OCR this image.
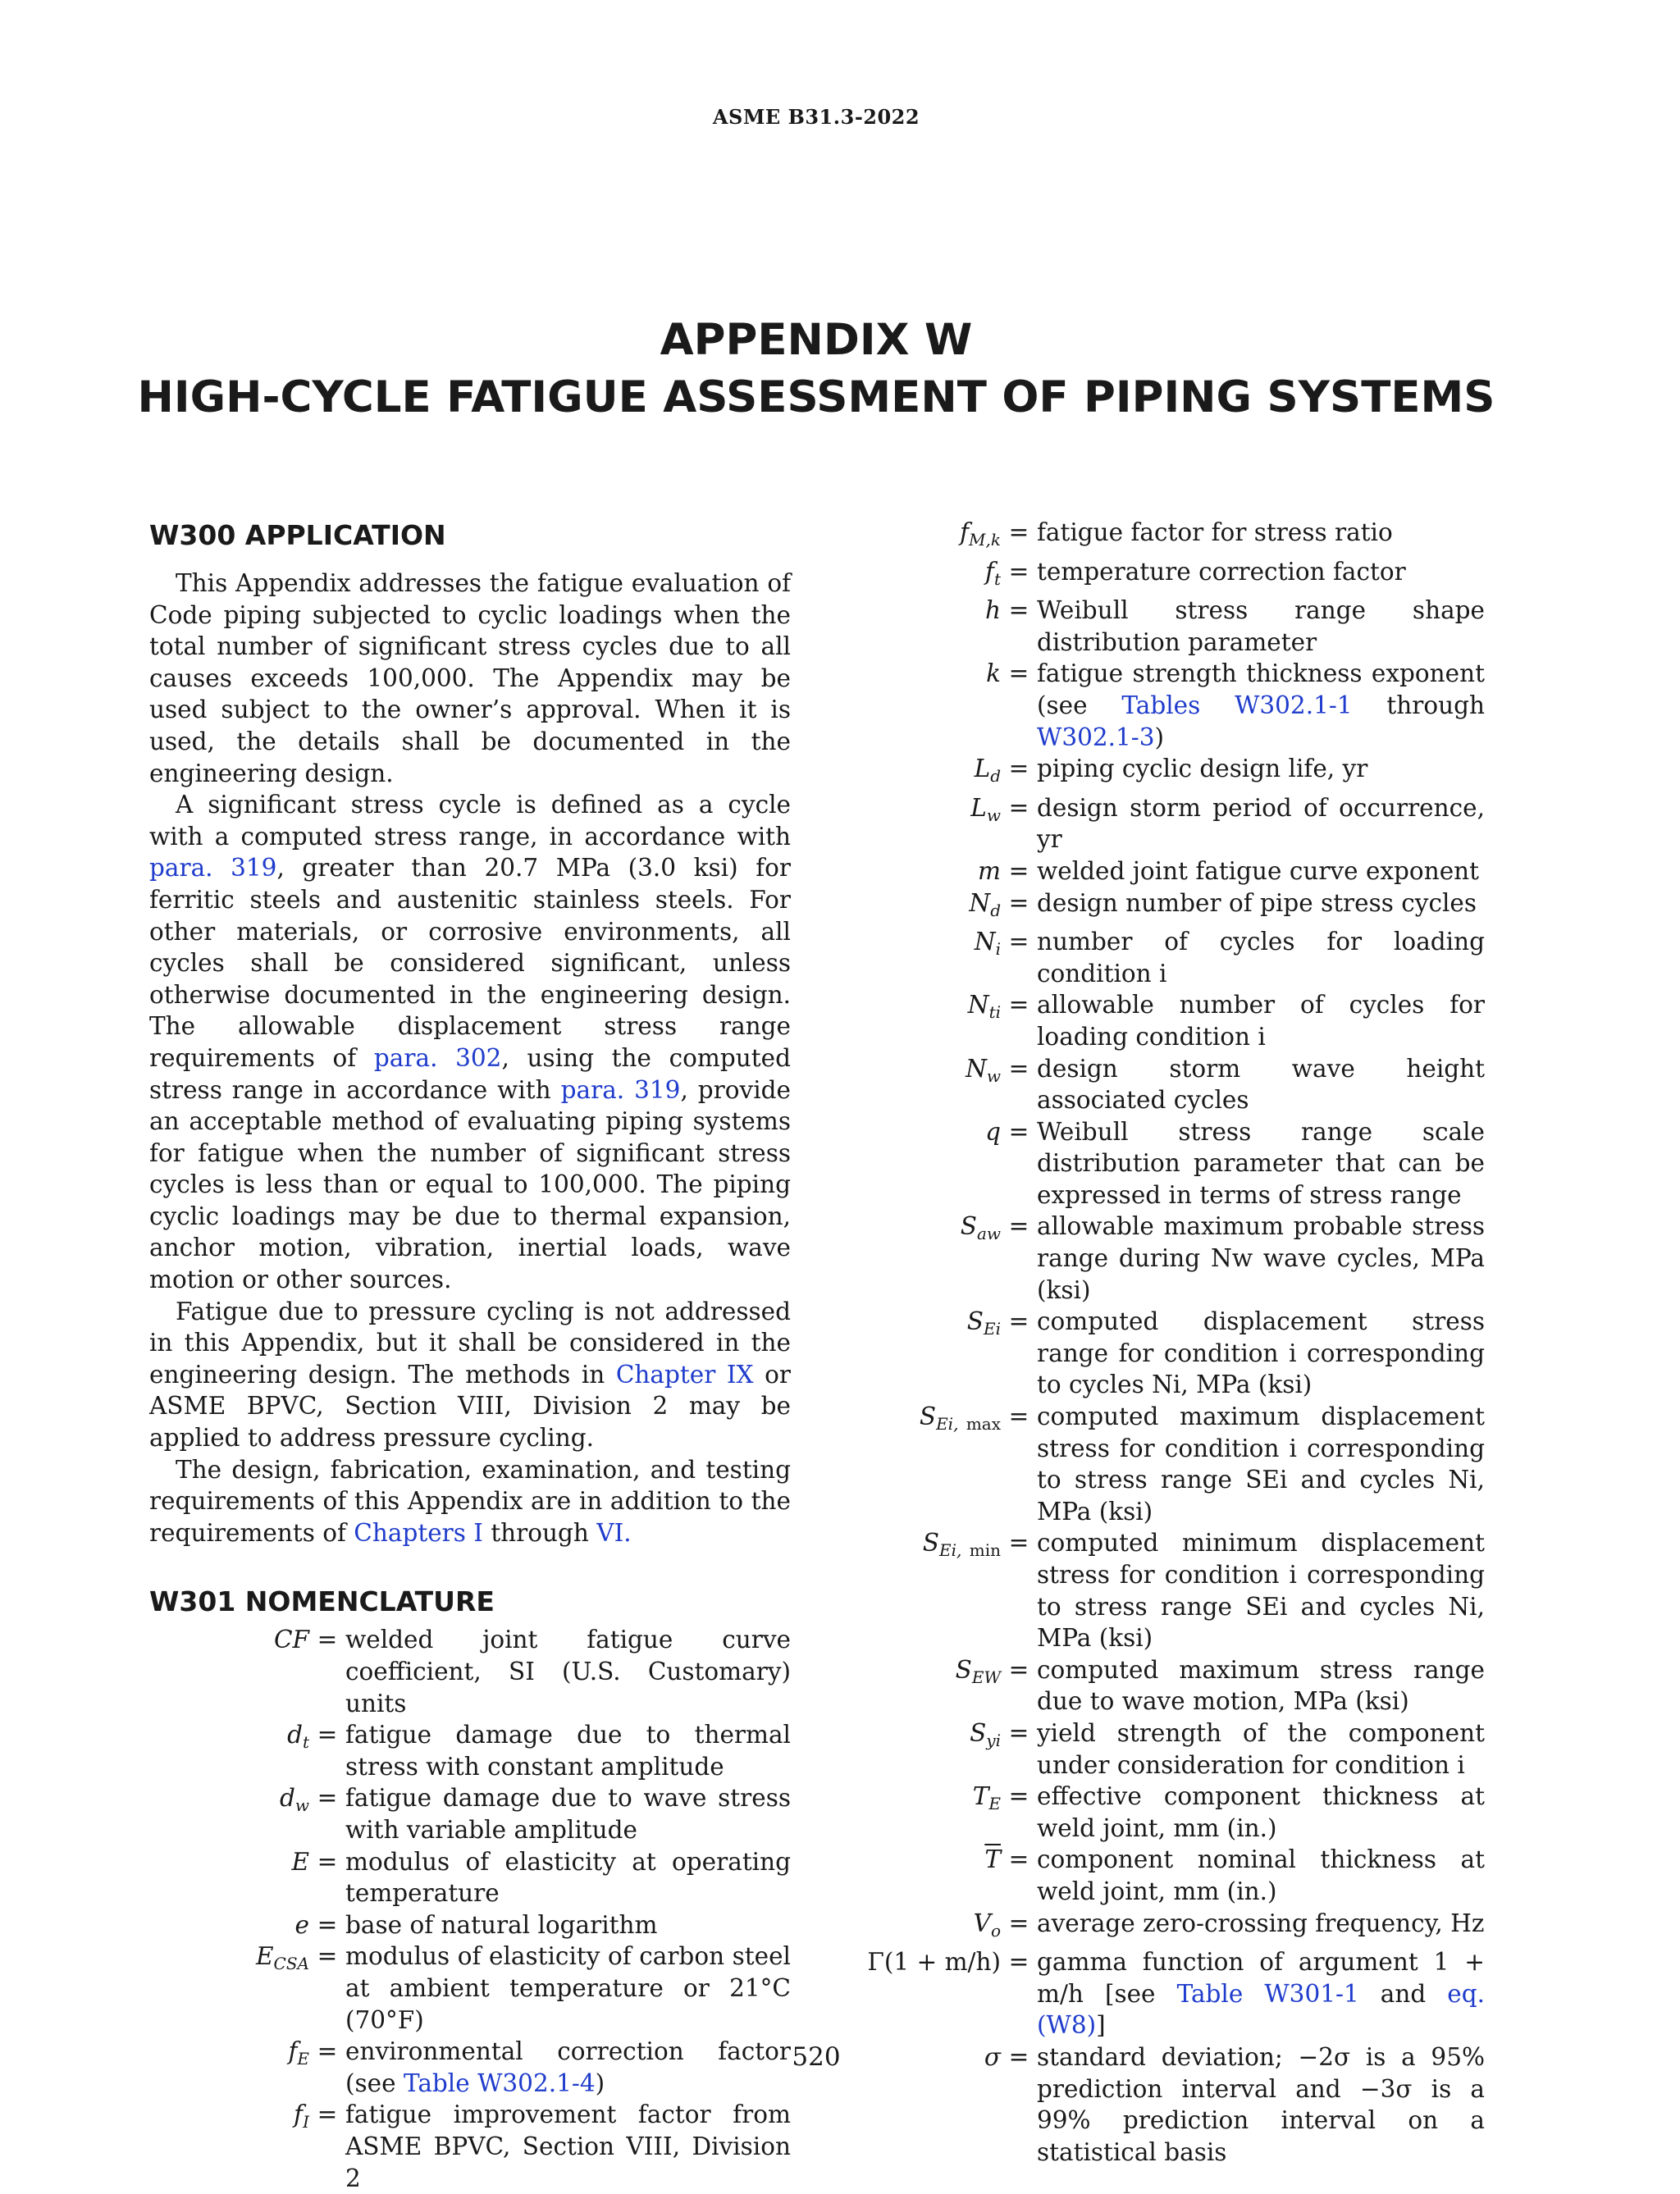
ASME B31.3-2022
APPENDIX W
HIGH-CYCLE FATIGUE ASSESSMENT OF PIPING SYSTEMS
W300 APPLICATION

This Appendix addresses the fatigue evaluation of Code piping subjected to cyclic loadings when the total number of significant stress cycles due to all causes exceeds 100,000. The Appendix may be used subject to the owner’s approval. When it is used, the details shall be documented in the engineering design.

A significant stress cycle is defined as a cycle with a computed stress range, in accordance with para. 319, greater than 20.7 MPa (3.0 ksi) for ferritic steels and austenitic stainless steels. For other materials, or corrosive environments, all cycles shall be considered significant, unless otherwise documented in the engineering design. The allowable displacement stress range requirements of para. 302, using the computed stress range in accordance with para. 319, provide an acceptable method of evaluating piping systems for fatigue when the number of significant stress cycles is less than or equal to 100,000. The piping cyclic loadings may be due to thermal expansion, anchor motion, vibration, inertial loads, wave motion or other sources.

Fatigue due to pressure cycling is not addressed in this Appendix, but it shall be considered in the engineering design. The methods in Chapter IX or ASME BPVC, Section VIII, Division 2 may be applied to address pressure cycling.

The design, fabrication, examination, and testing requirements of this Appendix are in addition to the requirements of Chapters I through VI.

W301 NOMENCLATURE
CF = welded joint fatigue curve coefficient, SI (U.S. Customary) units
$d_t$ = fatigue damage due to thermal stress with constant amplitude
$d_w$ = fatigue damage due to wave stress with variable amplitude
E = modulus of elasticity at operating temperature
e = base of natural logarithm
$E_{CSA}$ = modulus of elasticity of carbon steel at ambient temperature or 21°C (70°F)
$f_E$ = environmental correction factor (see Table W302.1-4)
$f_I$ = fatigue improvement factor from ASME BPVC, Section VIII, Division 2
$f_{M,k}$ = fatigue factor for stress ratio
$f_t$ = temperature correction factor
h = Weibull stress range shape distribution parameter
k = fatigue strength thickness exponent (see Tables W302.1-1 through W302.1-3)
$L_d$ = piping cyclic design life, yr
$L_w$ = design storm period of occurrence, yr
m = welded joint fatigue curve exponent
$N_d$ = design number of pipe stress cycles
$N_i$ = number of cycles for loading condition i
$N_{ti}$ = allowable number of cycles for loading condition i
$N_w$ = design storm wave height associated cycles
q = Weibull stress range scale distribution parameter that can be expressed in terms of stress range
$S_{aw}$ = allowable maximum probable stress range during Nw wave cycles, MPa (ksi)
$S_{Ei}$ = computed displacement stress range for condition i corresponding to cycles Ni, MPa (ksi)
$S_{Ei,}$ $_{max}$ = computed maximum displacement stress for condition i corresponding to stress range SEi and cycles Ni, MPa (ksi)
$S_{Ei,}$ $_{min}$ = computed minimum displacement stress for condition i corresponding to stress range SEi and cycles Ni, MPa (ksi)
$S_{EW}$ = computed maximum stress range due to wave motion, MPa (ksi)
$S_{yi}$ = yield strength of the component under consideration for condition i
$T_E$ = effective component thickness at weld joint, mm (in.)
$\overline{T}$ = component nominal thickness at weld joint, mm (in.)
$V_o$ = average zero-crossing frequency, Hz
Γ(1 + m/h) = gamma function of argument 1 + m/h [see Table W301-1 and eq. (W8)]
σ = standard deviation; −2σ is a 95% prediction interval and −3σ is a 99% prediction interval on a statistical basis
520
